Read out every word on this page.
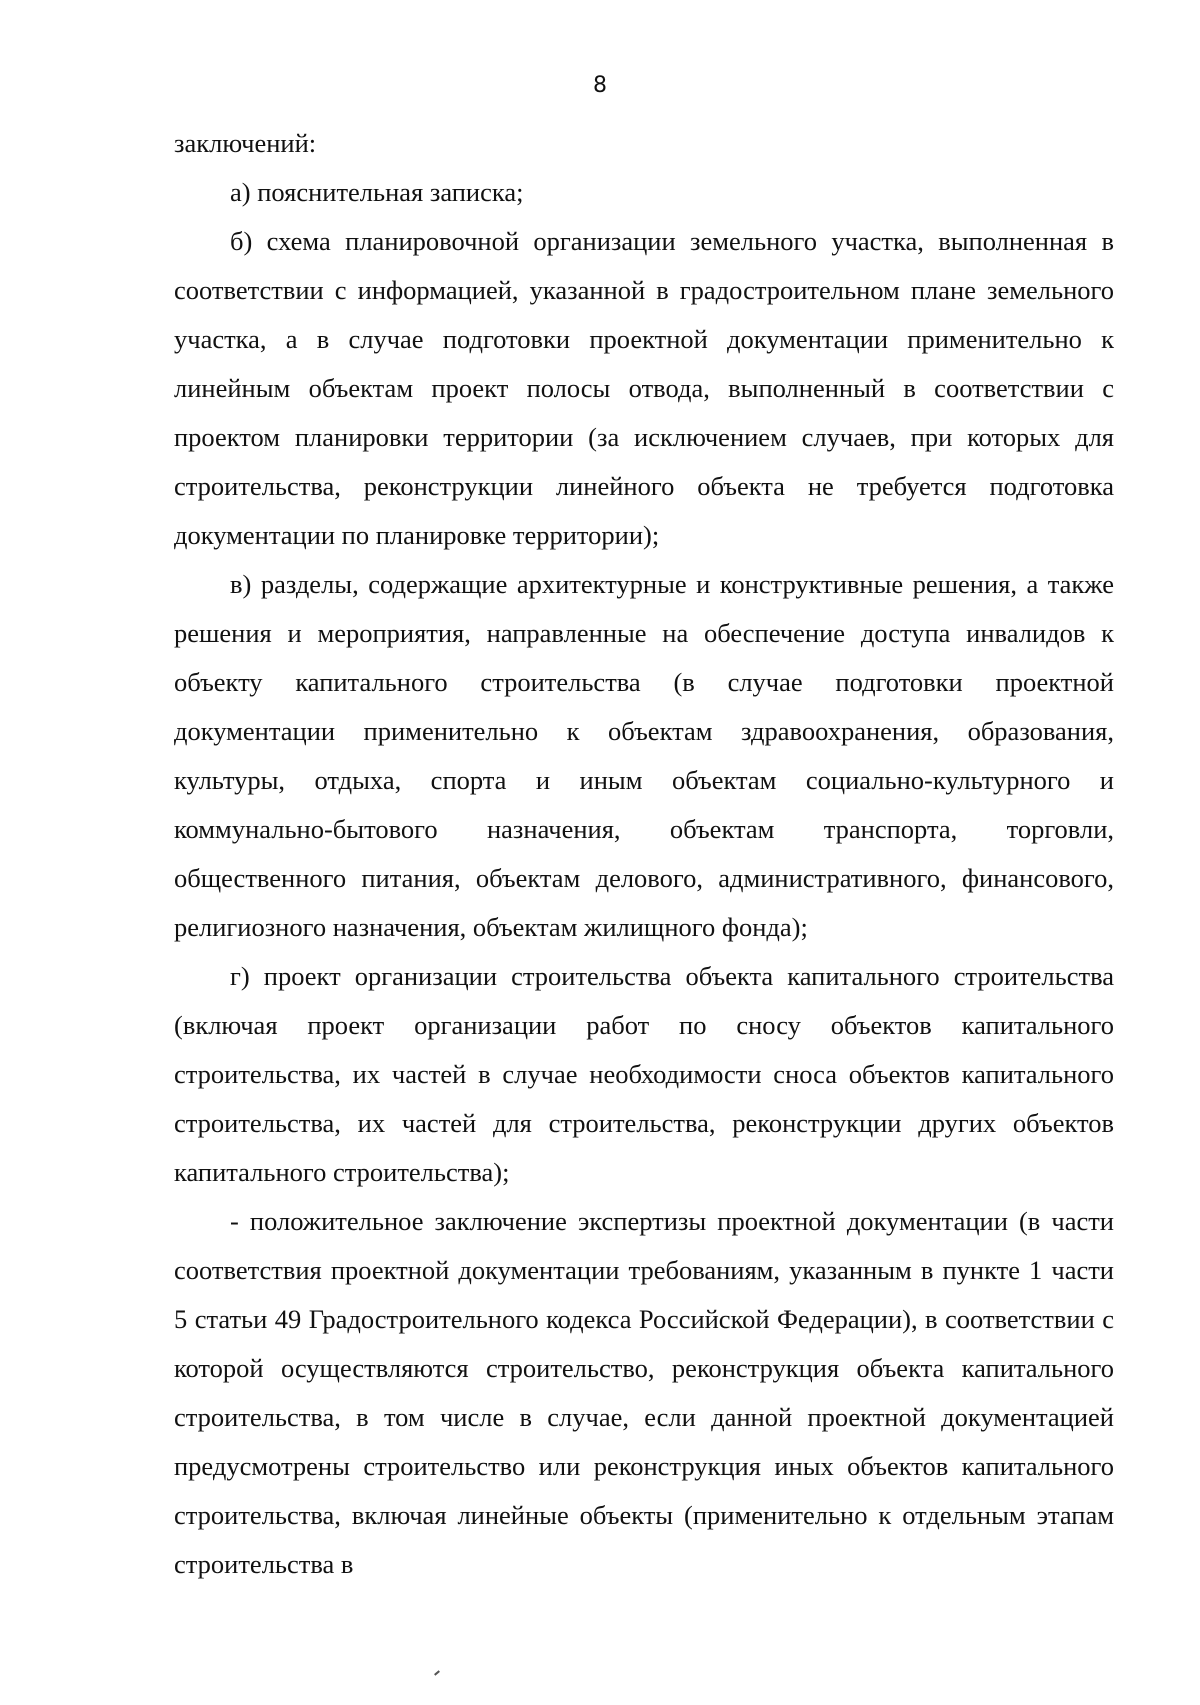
8

заключений:

а) пояснительная записка;

б) схема планировочной организации земельного участка, выполненная в соответствии с информацией, указанной в градостроительном плане земельного участка, а в случае подготовки проектной документации применительно к линейным объектам проект полосы отвода, выполненный в соответствии с проектом планировки территории (за исключением случаев, при которых для строительства, реконструкции линейного объекта не требуется подготовка документации по планировке территории);

в) разделы, содержащие архитектурные и конструктивные решения, а также решения и мероприятия, направленные на обеспечение доступа инвалидов к объекту капитального строительства (в случае подготовки проектной документации применительно к объектам здравоохранения, образования, культуры, отдыха, спорта и иным объектам социально-культурного и коммунально-бытового назначения, объектам транспорта, торговли, общественного питания, объектам делового, административного, финансового, религиозного назначения, объектам жилищного фонда);

г) проект организации строительства объекта капитального строительства (включая проект организации работ по сносу объектов капитального строительства, их частей в случае необходимости сноса объектов капитального строительства, их частей для строительства, реконструкции других объектов капитального строительства);

- положительное заключение экспертизы проектной документации (в части соответствия проектной документации требованиям, указанным в пункте 1 части 5 статьи 49 Градостроительного кодекса Российской Федерации), в соответствии с которой осуществляются строительство, реконструкция объекта капитального строительства, в том числе в случае, если данной проектной документацией предусмотрены строительство или реконструкция иных объектов капитального строительства, включая линейные объекты (применительно к отдельным этапам строительства в
